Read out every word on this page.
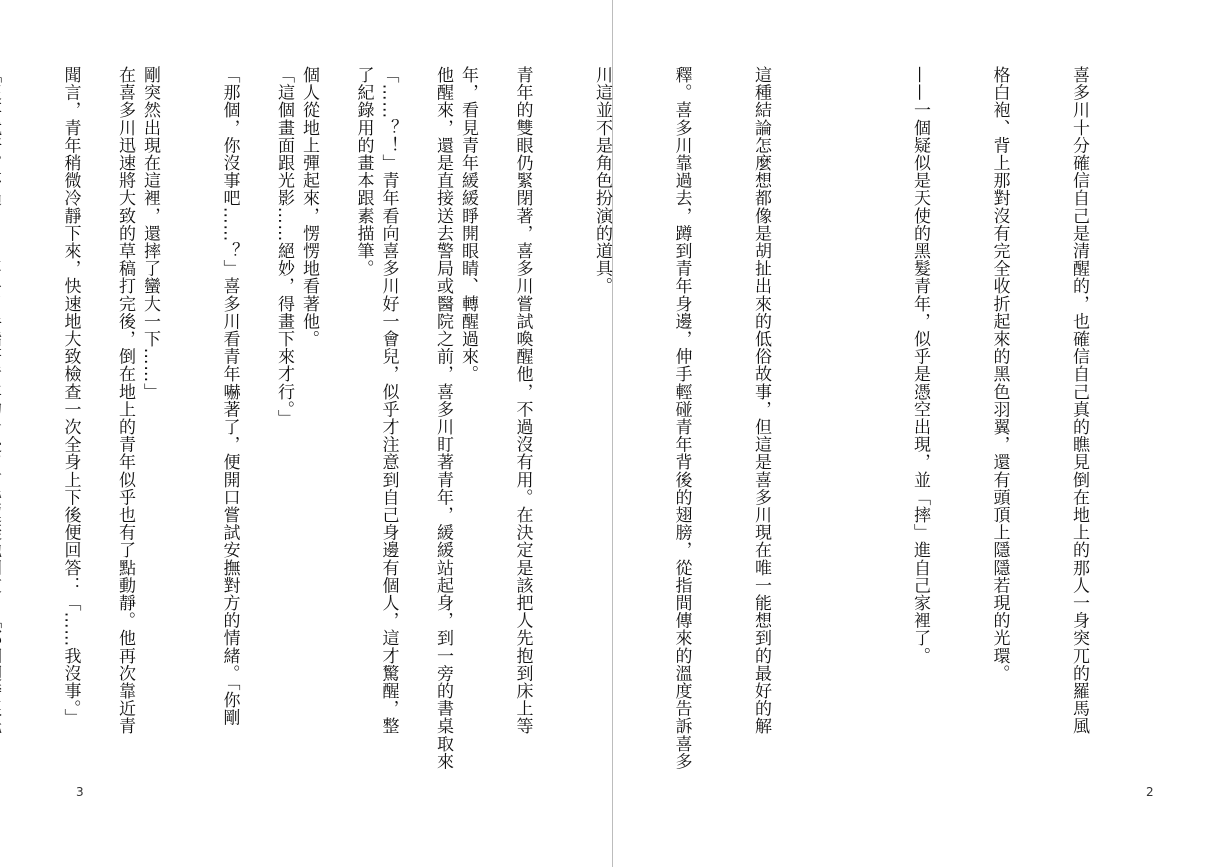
年，看見青年緩緩睜開眼睛、轉醒過來。

「……？！」青年看向喜多川好一會兒，似乎才注意到自己身邊有個人，這才驚醒，整

個人從地上彈起來，愣愣地看著他。

「那個，你沒事吧……？」喜多川看青年嚇著了，便開口嘗試安撫對方的情緒。「你剛

剛突然出現在這裡，還摔了蠻大一下……」

聞言，青年稍微冷靜下來，快速地大致檢查一次全身上下後便回答：「……我沒事。」

3

喜多川十分確信自己是清醒的，也確信自己真的瞧見倒在地上的那人一身突兀的羅馬風

格白袍、背上那對沒有完全收折起來的黑色羽翼，還有頭頂上隱隱若現的光環。

——一個疑似是天使的黑髮青年，似乎是憑空出現，並「摔」進自己家裡了。

這種結論怎麼想都像是胡扯出來的低俗故事，但這是喜多川現在唯一能想到的最好的解

釋。喜多川靠過去，蹲到青年身邊，伸手輕碰青年背後的翅膀，從指間傳來的溫度告訴喜多

川這並不是角色扮演的道具。

青年的雙眼仍緊閉著，喜多川嘗試喚醒他，不過沒有用。在決定是該把人先抱到床上等

他醒來，還是直接送去警局或醫院之前，喜多川盯著青年，緩緩站起身，到一旁的書桌取來

了紀錄用的畫本跟素描筆。

「這個畫面跟光影……絕妙，得畫下來才行。」

在喜多川迅速將大致的草稿打完後，倒在地上的青年似乎也有了點動靜。他再次靠近青

2
